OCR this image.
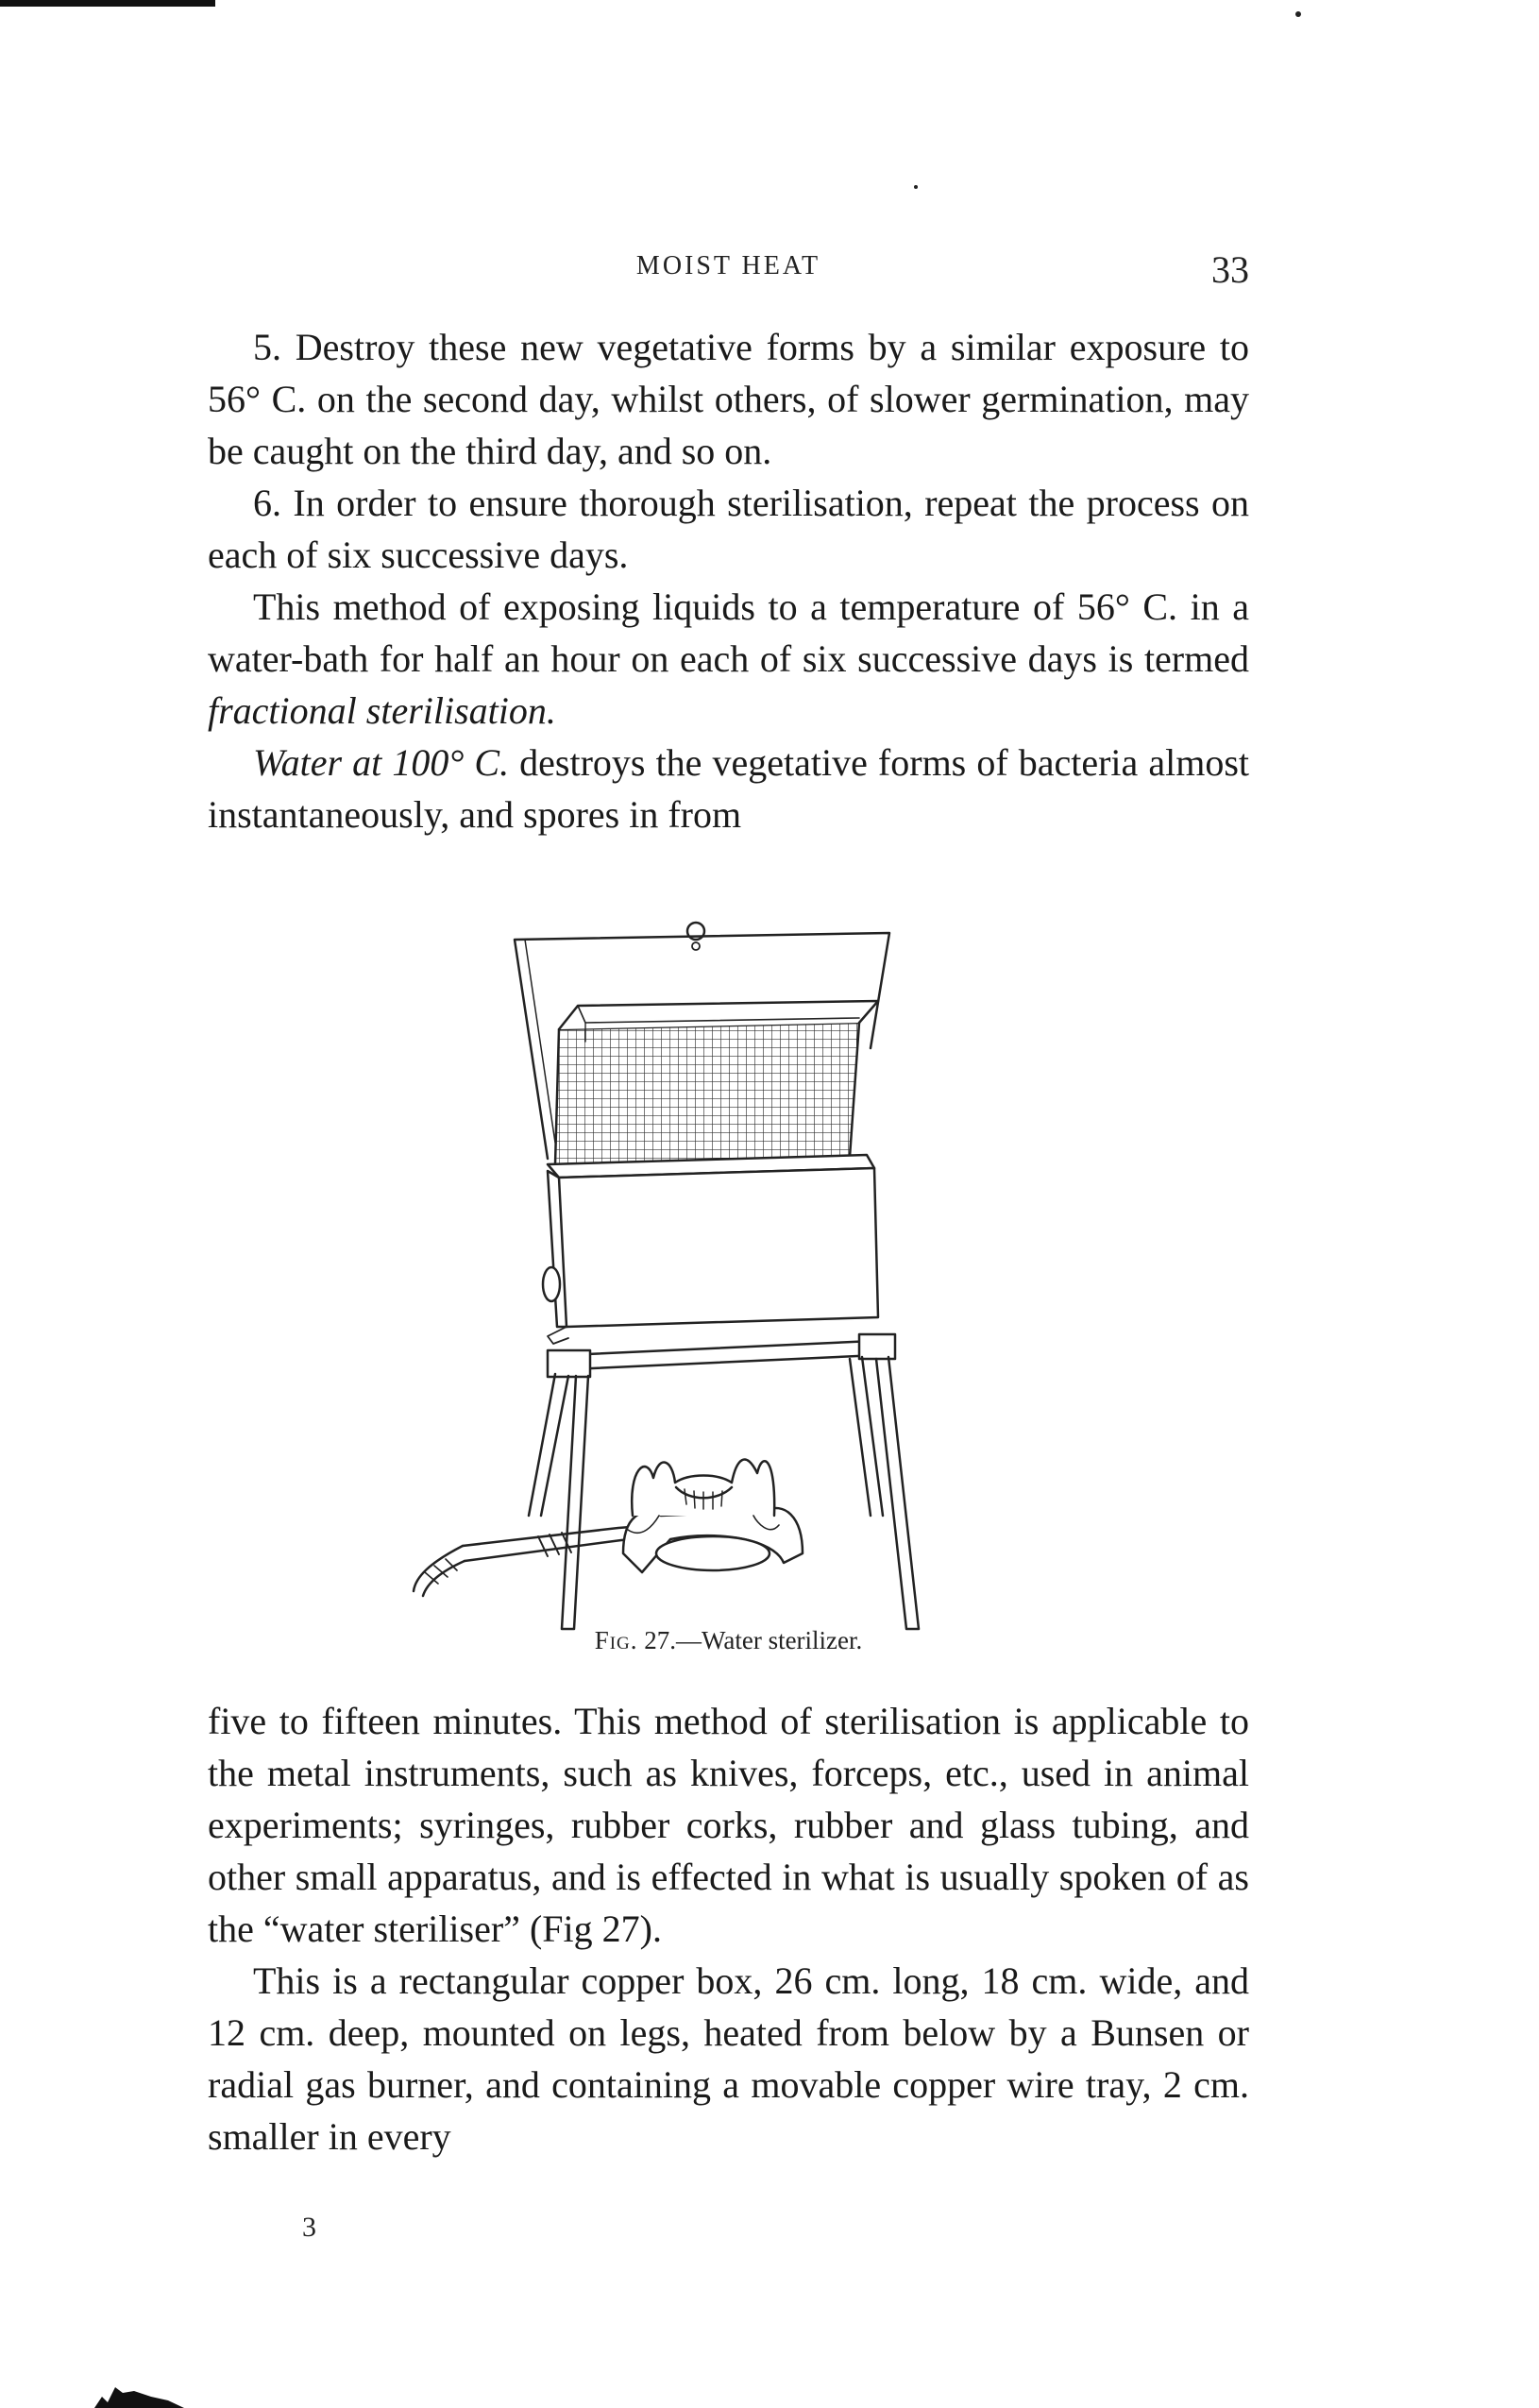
MOIST HEAT	33

5. Destroy these new vegetative forms by a similar exposure to 56° C. on the second day, whilst others, of slower germination, may be caught on the third day, and so on.

6. In order to ensure thorough sterilisation, repeat the process on each of six successive days.

This method of exposing liquids to a temperature of 56° C. in a water-bath for half an hour on each of six successive days is termed fractional sterilisation.

Water at 100° C. destroys the vegetative forms of bacteria almost instantaneously, and spores in from

Fig. 27.—Water sterilizer.

five to fifteen minutes. This method of sterilisation is applicable to the metal instruments, such as knives, forceps, etc., used in animal experiments; syringes, rubber corks, rubber and glass tubing, and other small apparatus, and is effected in what is usually spoken of as the “water steriliser” (Fig 27).

This is a rectangular copper box, 26 cm. long, 18 cm. wide, and 12 cm. deep, mounted on legs, heated from below by a Bunsen or radial gas burner, and containing a movable copper wire tray, 2 cm. smaller in every

3
